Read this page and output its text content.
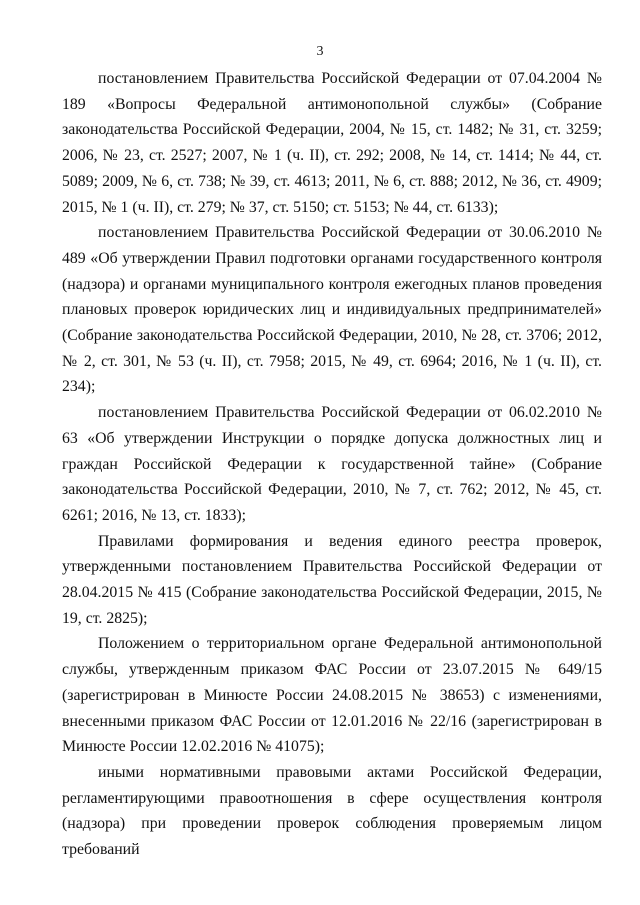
3

постановлением Правительства Российской Федерации от 07.04.2004 № 189 «Вопросы Федеральной антимонопольной службы» (Собрание законодательства Российской Федерации, 2004, № 15, ст. 1482; № 31, ст. 3259; 2006, № 23, ст. 2527; 2007, № 1 (ч. II), ст. 292; 2008, № 14, ст. 1414; № 44, ст. 5089; 2009, № 6, ст. 738; № 39, ст. 4613; 2011, № 6, ст. 888; 2012, № 36, ст. 4909; 2015, № 1 (ч. II), ст. 279; № 37, ст. 5150; ст. 5153; № 44, ст. 6133);

постановлением Правительства Российской Федерации от 30.06.2010 № 489 «Об утверждении Правил подготовки органами государственного контроля (надзора) и органами муниципального контроля ежегодных планов проведения плановых проверок юридических лиц и индивидуальных предпринимателей» (Собрание законодательства Российской Федерации, 2010, № 28, ст. 3706; 2012, № 2, ст. 301, № 53 (ч. II), ст. 7958; 2015, № 49, ст. 6964; 2016, № 1 (ч. II), ст. 234);

постановлением Правительства Российской Федерации от 06.02.2010 № 63 «Об утверждении Инструкции о порядке допуска должностных лиц и граждан Российской Федерации к государственной тайне» (Собрание законодательства Российской Федерации, 2010, № 7, ст. 762; 2012, № 45, ст. 6261; 2016, № 13, ст. 1833);

Правилами формирования и ведения единого реестра проверок, утвержденными постановлением Правительства Российской Федерации от 28.04.2015 № 415 (Собрание законодательства Российской Федерации, 2015, № 19, ст. 2825);

Положением о территориальном органе Федеральной антимонопольной службы, утвержденным приказом ФАС России от 23.07.2015 № 649/15 (зарегистрирован в Минюсте России 24.08.2015 № 38653) с изменениями, внесенными приказом ФАС России от 12.01.2016 № 22/16 (зарегистрирован в Минюсте России 12.02.2016 № 41075);

иными нормативными правовыми актами Российской Федерации, регламентирующими правоотношения в сфере осуществления контроля (надзора) при проведении проверок соблюдения проверяемым лицом требований
